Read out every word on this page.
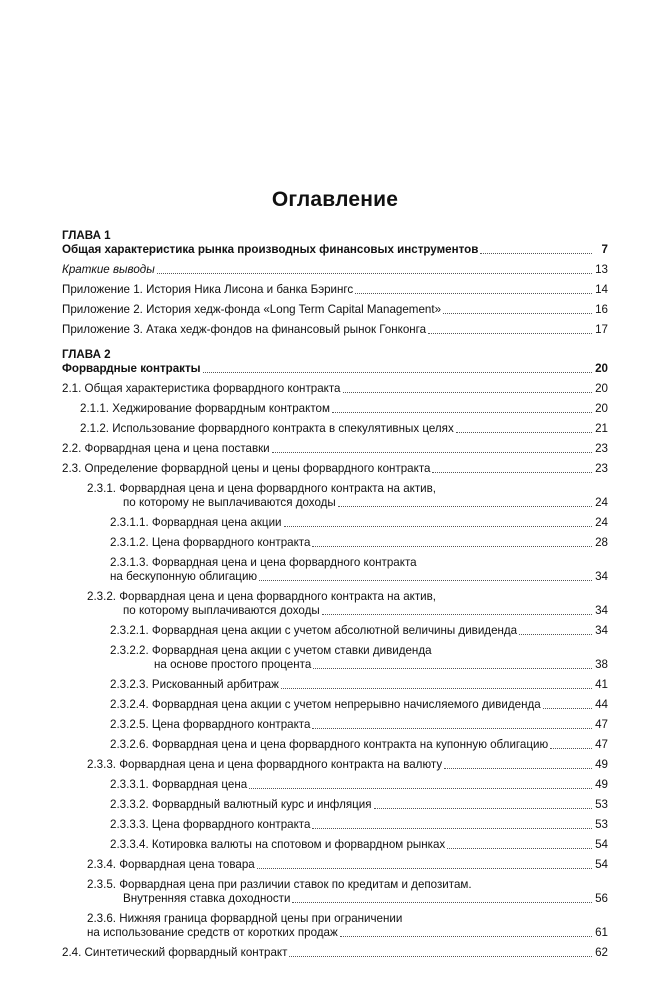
Оглавление
ГЛАВА 1
Общая характеристика рынка производных финансовых инструментов	7
Краткие выводы	13
Приложение 1. История Ника Лисона и банка Бэрингс	14
Приложение 2. История хедж-фонда «Long Term Capital Management»	16
Приложение 3. Атака хедж-фондов на финансовый рынок Гонконга	17
ГЛАВА 2
Форвардные контракты	20
2.1. Общая характеристика форвардного контракта	20
2.1.1. Хеджирование форвардным контрактом	20
2.1.2. Использование форвардного контракта в спекулятивных целях	21
2.2. Форвардная цена и цена поставки	23
2.3. Определение форвардной цены и цены форвардного контракта	23
2.3.1. Форвардная цена и цена форвардного контракта на актив,
по которому не выплачиваются доходы	24
2.3.1.1. Форвардная цена акции	24
2.3.1.2. Цена форвардного контракта	28
2.3.1.3. Форвардная цена и цена форвардного контракта
на бескупонную облигацию	34
2.3.2. Форвардная цена и цена форвардного контракта на актив,
по которому выплачиваются доходы	34
2.3.2.1. Форвардная цена акции с учетом абсолютной величины дивиденда	34
2.3.2.2. Форвардная цена акции с учетом ставки дивиденда
на основе простого процента	38
2.3.2.3. Рискованный арбитраж	41
2.3.2.4. Форвардная цена акции с учетом непрерывно начисляемого дивиденда	44
2.3.2.5. Цена форвардного контракта	47
2.3.2.6. Форвардная цена и цена форвардного контракта на купонную облигацию	47
2.3.3. Форвардная цена и цена форвардного контракта на валюту	49
2.3.3.1. Форвардная цена	49
2.3.3.2. Форвардный валютный курс и инфляция	53
2.3.3.3. Цена форвардного контракта	53
2.3.3.4. Котировка валюты на спотовом и форвардном рынках	54
2.3.4. Форвардная цена товара	54
2.3.5. Форвардная цена при различии ставок по кредитам и депозитам.
Внутренняя ставка доходности	56
2.3.6. Нижняя граница форвардной цены при ограничении
на использование средств от коротких продаж	61
2.4. Синтетический форвардный контракт	62
